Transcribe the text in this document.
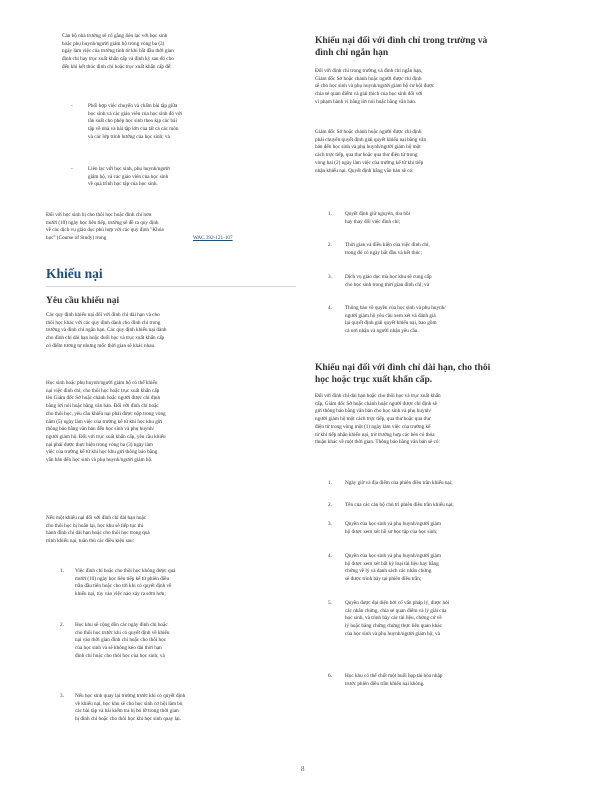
Cán bộ nhà trường sẽ cố gắng liên lạc với học sinh
hoặc phụ huynh/người giám hộ trong vòng ba (3)
ngày làm việc của trường tính từ khi bắt đầu thời gian
đình chỉ hay trục xuất khẩn cấp và định kỳ sau đó cho
đến khi kết thúc đình chỉ hoặc trục xuất khẩn cấp để:
-	Phối hợp việc chuyển và chấm bài tập giữa
học sinh và các giáo viên của học sinh đó với
tần suất cho phép học sinh theo kịp các bài
tập về nhà và bài tập lớn của tất cả các môn
và các lớp trình hướng của học sinh; và
-	Liên lạc với học sinh, phụ huynh/người
giám hộ, và các giáo viên của học sinh
về quá trình học tập của học sinh.
Đối với học sinh bị cho thôi học hoặc đình chỉ hơn
mười (10) ngày học liên tiếp, trường sẽ đề ra quy định
về các dịch vụ giáo dục phù hợp với các quy định "Khóa
học" (Course of Study) trong	WAC 392-121-107
Khiếu nại
Yêu cầu khiếu nại
Các quy định khiếu nại đối với đình chỉ dài hạn và cho
thôi học khác với các quy định dành cho đình chỉ trong
trường và đình chỉ ngắn hạn. Các quy định khiếu nại dành
cho đình chỉ dài hạn hoặc đuổi học và trục xuất khẩn cấp
có điểm tương tự nhưng mốc thời gian sẽ khác nhau.
Học sinh hoặc phụ huynh/người giám hộ có thể khiếu
nại việc đình chỉ, cho thôi học hoặc trục xuất khẩn cấp
lên Giám đốc Sở hoặc chánh hoặc người được chỉ định
bằng lời nói hoặc bằng văn bản. Đối với đình chỉ hoặc
cho thôi học, yêu cầu khiếu nại phải được nộp trong vòng
năm (5) ngày làm việc của trường kể từ khi học khu gửi
thông báo bằng văn bản đến học sinh và phụ huynh/
người giám hộ. Đối với trục xuất khẩn cấp, yêu cầu khiếu
nại phải được thực hiện trong vòng ba (3) ngày làm
việc của trường kể từ khi học khu gửi thông báo bằng
văn bản đến học sinh và phụ huynh/người giám hộ.
Nếu một khiếu nại đối với đình chỉ dài hạn hoặc
cho thôi học bị hoãn lại, học khu sẽ tiếp tục thi
hành đình chỉ dài hạn hoặc cho thôi học trong quá
trình khiếu nại, tuân thủ các điều kiện sau:
1. Việc đình chỉ hoặc cho thôi học không được quá
mười (10) ngày học liên tiếp kể từ phiên điều
trần đầu tiên hoặc cho tới khi có quyết định về
khiếu nại, tùy vào việc nào xảy ra sớm hơn;
2. Học khu sẽ cộng dồn các ngày đình chỉ hoặc
cho thôi học trước khi có quyết định về khiếu
nại vào thời gian đình chỉ hoặc cho thôi học
của học sinh và sẽ không kéo dài thời hạn
đình chỉ hoặc cho thôi học của học sinh; và
3. Nếu học sinh quay lại trường trước khi có quyết định
về khiếu nại, học khu sẽ cho học sinh cơ hội làm bù
các bài tập và bài kiểm tra bị bỏ lỡ trong thời gian
bị đình chỉ hoặc cho thôi học khi học sinh quay lại.
Khiếu nại đối với đình chỉ trong trường và
đình chỉ ngắn hạn
Đối với đình chỉ trong trường và đình chỉ ngắn hạn,
Giám đốc Sở hoặc chánh hoặc người được chỉ định
sẽ cho học sinh và phụ huynh/người giám hộ cơ hội được
chia sẻ quan điểm và giải thích của học sinh đối với
vi phạm hành vi bằng lời nói hoặc bằng văn bản.
Giám đốc Sở hoặc chánh hoặc người được chỉ định
phải chuyển quyết định giải quyết khiếu nại bằng văn
bản đến học sinh và phụ huynh/người giám hộ một
cách trực tiếp, qua thư hoặc qua thư điện tử trong
vòng hai (2) ngày làm việc của trường kể từ khi tiếp
nhận khiếu nại. Quyết định bằng văn bản sẽ có:
1.	Quyết định giữ nguyên, thu hồi
hay thay đổi việc đình chỉ;
2.	Thời gian và điều kiện của việc đình chỉ,
trong đó có ngày bắt đầu và kết thúc;
3.	Dịch vụ giáo dục mà học khu sẽ cung cấp
cho học sinh trong thời gian đình chỉ; và
4.	Thông báo về quyền của học sinh và phụ huynh/
người giám hộ yêu cầu xem xét và đánh giá
lại quyết định giải quyết khiếu nại, bao gồm
cả nơi nhận và người nhận yêu cầu.
Khiếu nại đối với đình chỉ dài hạn, cho thôi
học hoặc trục xuất khẩn cấp.
Đối với đình chỉ dài hạn hoặc cho thôi học và trục xuất khẩn
cấp, Giám đốc Sở hoặc chánh hoặc người được chỉ định sẽ
gửi thông báo bằng văn bản cho học sinh và phụ huynh/
người giám hộ một cách trực tiếp, qua thư hoặc qua thư
điện tử trong vòng một (1) ngày làm việc của trường kể
từ khi tiếp nhận khiếu nại, trừ trường hợp các bên có thỏa
thuận khác về một thời gian. Thông báo bằng văn bản sẽ có:
1.	Ngày giờ và địa điểm của phiên điều trần khiếu nại;
2.	Tên của các cán bộ chủ trì phiên điều trần khiếu nại;
3.	Quyền của học sinh và phụ huynh/người giám
hộ được xem xét hồ sơ học tập của học sinh;
4.	Quyền của học sinh và phụ huynh/người giám
hộ được xem xét bất kỳ loại tài liệu hay bằng
chứng về lý và danh sách các nhân chứng
sẽ được trình bày tại phiên điều trần;
5.	Quyền được đại diện bởi cố vấn pháp lý, được hỏi
các nhân chứng, chia sẻ quan điểm và lý giải của
học sinh, và trình bày các tài liệu, chứng cứ về
lý hoặc bằng chứng chứng thực liên quan khác
của học sinh và phụ huynh/người giám hộ; và
6.	Học khu có thể chốt một buổi họp tài hòa nhập
trước phiên điều trần khiếu nại không.
8
